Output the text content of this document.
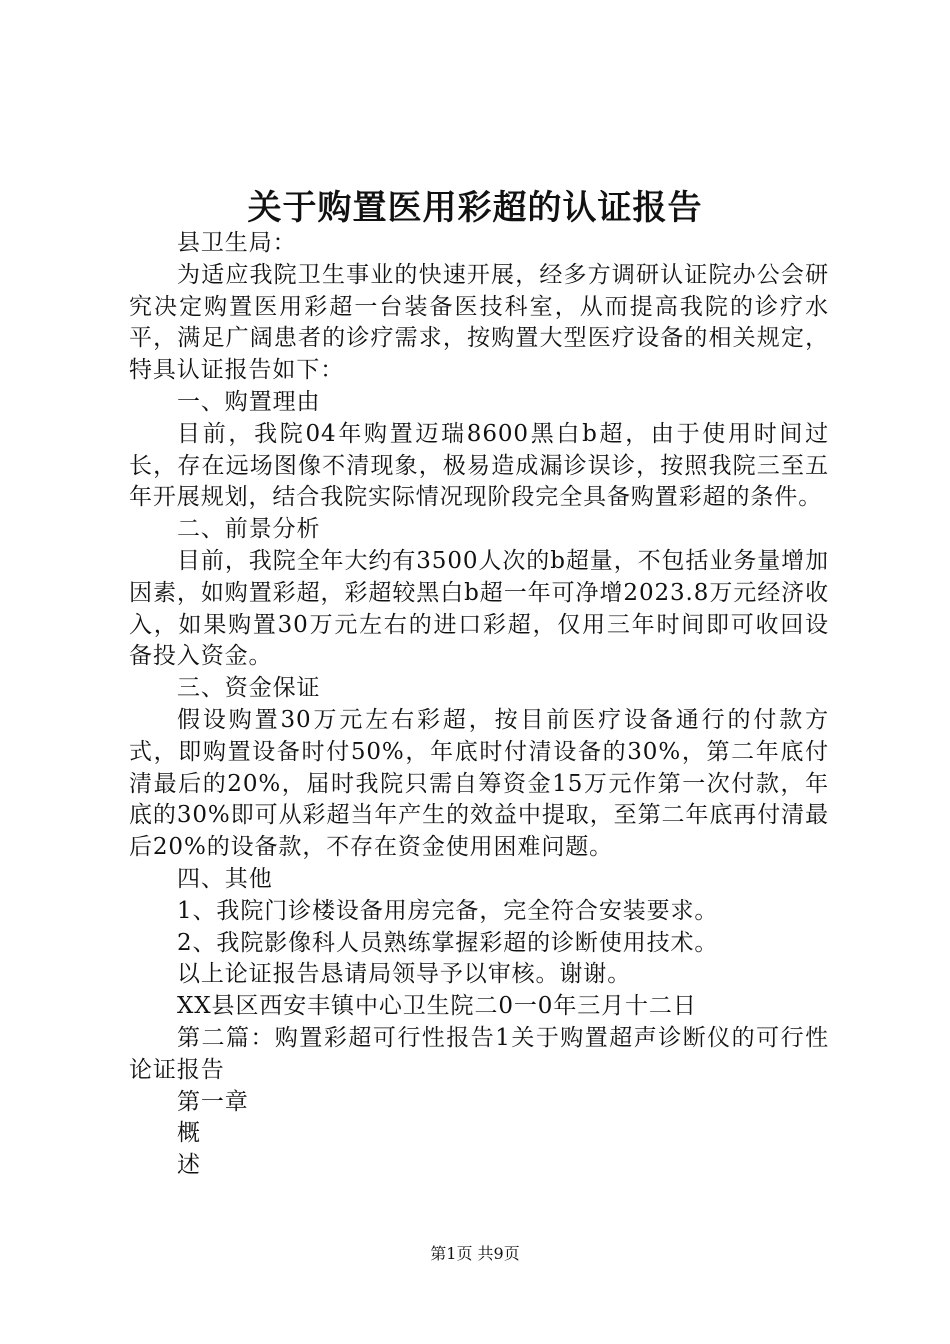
关于购置医用彩超的认证报告

县卫生局：

为适应我院卫生事业的快速开展，经多方调研认证院办公会研究决定购置医用彩超一台装备医技科室，从而提高我院的诊疗水平，满足广阔患者的诊疗需求，按购置大型医疗设备的相关规定，特具认证报告如下：

一、购置理由

目前，我院04年购置迈瑞8600黑白b超，由于使用时间过长，存在远场图像不清现象，极易造成漏诊误诊，按照我院三至五年开展规划，结合我院实际情况现阶段完全具备购置彩超的条件。

二、前景分析

目前，我院全年大约有3500人次的b超量，不包括业务量增加因素，如购置彩超，彩超较黑白b超一年可净增2023.8万元经济收入，如果购置30万元左右的进口彩超，仅用三年时间即可收回设备投入资金。

三、资金保证

假设购置30万元左右彩超，按目前医疗设备通行的付款方式，即购置设备时付50%，年底时付清设备的30%，第二年底付清最后的20%，届时我院只需自筹资金15万元作第一次付款，年底的30%即可从彩超当年产生的效益中提取，至第二年底再付清最后20%的设备款，不存在资金使用困难问题。

四、其他

1、我院门诊楼设备用房完备，完全符合安装要求。

2、我院影像科人员熟练掌握彩超的诊断使用技术。

以上论证报告恳请局领导予以审核。谢谢。

XX县区西安丰镇中心卫生院二0一0年三月十二日

第二篇：购置彩超可行性报告1关于购置超声诊断仪的可行性论证报告

第一章

概

述

第1页 共9页
